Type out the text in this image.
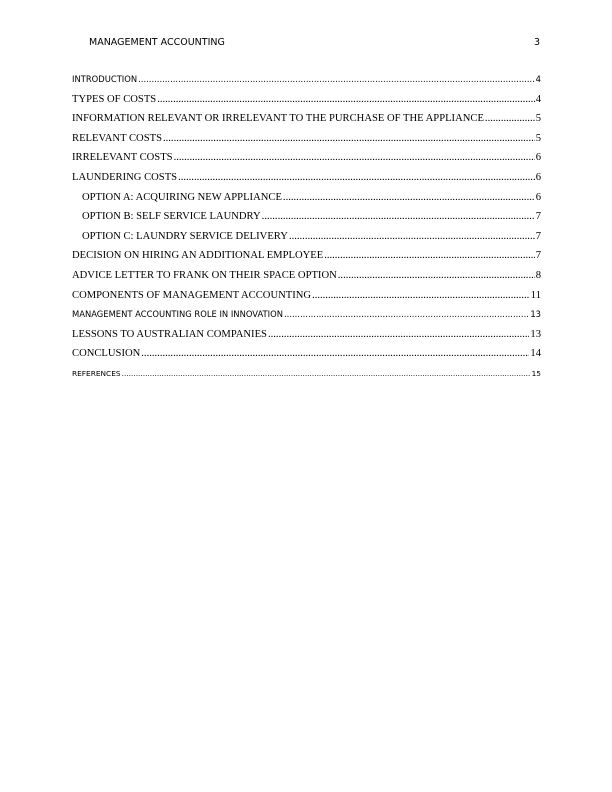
MANAGEMENT ACCOUNTING	3
INTRODUCTION .....	4
TYPES OF COSTS .....	4
INFORMATION RELEVANT OR IRRELEVANT TO THE PURCHASE OF THE APPLIANCE .....	5
RELEVANT COSTS .....	5
IRRELEVANT COSTS .....	6
LAUNDERING COSTS .....	6
OPTION A: ACQUIRING NEW APPLIANCE .....	6
OPTION B: SELF SERVICE LAUNDRY .....	7
OPTION C: LAUNDRY SERVICE DELIVERY .....	7
DECISION ON HIRING AN ADDITIONAL EMPLOYEE .....	7
ADVICE LETTER TO FRANK ON THEIR SPACE OPTION .....	8
COMPONENTS OF MANAGEMENT ACCOUNTING .....	11
MANAGEMENT ACCOUNTING ROLE IN INNOVATION .....	13
LESSONS TO AUSTRALIAN COMPANIES .....	13
CONCLUSION .....	14
REFERENCES .....	15
